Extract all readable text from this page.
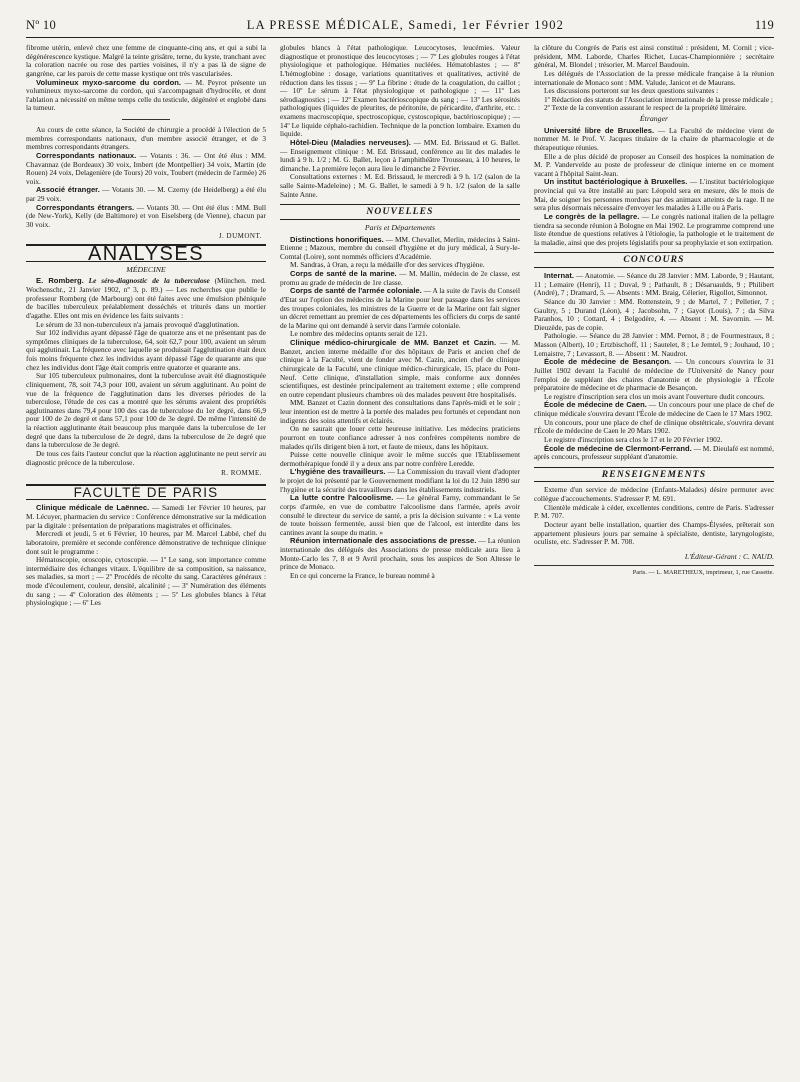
Nº 10	LA PRESSE MÉDICALE, Samedi, 1er Février 1902	119

fibrome utérin, enlevé chez une femme de cinquante-cinq ans, et qui a subi la dégénérescence kystique. Malgré la teinte grisâtre, terne, du kyste, tranchant avec la coloration nacrée ou rose des parties voisines, il n'y a pas là de signe de gangrène, car les parois de cette masse kystique ont très vascularisées.

Volumineux myxo-sarcome du cordon. — M. Peyrot présente un volumineux myxo-sarcome du cordon, qui s'accompagnait d'hydrocèle, et dont l'ablation a nécessité en même temps celle du testicule, dégénéré et englobé dans la tumeur.

Au cours de cette séance, la Société de chirurgie a procédé à l'élection de 5 membres correspondants nationaux, d'un membre associé étranger, et de 3 membres correspondants étrangers.

Correspondants nationaux. — Votants : 36. — Ont été élus : MM. Chavannaz (de Bordeaux) 30 voix, Imbert (de Montpellier) 34 voix, Martin (de Rouen) 24 voix, Delagenière (de Tours) 20 voix, Toubert (médecin de l'armée) 26 voix.

Associé étranger. — Votants 30. — M. Czerny (de Heidelberg) a été élu par 29 voix.

Correspondants étrangers. — Votants 30. — Ont été élus : MM. Bull (de New-York), Kelly (de Baltimore) et von Eiselsberg (de Vienne), chacun par 30 voix.

J. DUMONT.
ANALYSES
MÉDECINE

E. Romberg. Le séro-diagnostic de la tuberculose (München. med. Wochenschr., 21 Janvier 1902, nº 3, p. 89.) — Les recherches que publie le professeur Romberg (de Marbourg) ont été faites avec une émulsion phéniquée de bacilles tuberculeux préalablement desséchés et triturés dans un mortier d'agathe. Elles ont mis en évidence les faits suivants :

Le sérum de 33 non-tuberculeux n'a jamais provoqué d'agglutination.

Sur 102 individus ayant dépassé l'âge de quatorze ans et ne présentant pas de symptômes cliniques de la tuberculose, 64, soit 62,7 pour 100, avaient un sérum qui agglutinait. La fréquence avec laquelle se produisait l'agglutination était deux fois moins fréquente chez les individus ayant dépassé l'âge de quarante ans que chez les individus dont l'âge était compris entre quatorze et quarante ans.

Sur 105 tuberculeux pulmonaires, dont la tuberculose avait été diagnostiquée cliniquement, 78, soit 74,3 pour 100, avaient un sérum agglutinant. Au point de vue de la fréquence de l'agglutination dans les diverses périodes de la tuberculose, l'étude de ces cas a montré que les sérums avaient des propriétés agglutinantes dans 79,4 pour 100 des cas de tuberculose du 1er degré, dans 66,9 pour 100 de 2e degré et dans 57,1 pour 100 de 3e degré. De même l'intensité de la réaction agglutinante était beaucoup plus marquée dans la tuberculose de 1er degré que dans la tuberculose de 2e degré, dans la tuberculose de 2e degré que dans la tuberculose de 3e degré.

De tous ces faits l'auteur conclut que la réaction agglutinante ne peut servir au diagnostic précoce de la tuberculose.

R. ROMME.
FACULTÉ DE PARIS

Clinique médicale de Laënnec. — Samedi 1er Février 10 heures, par M. Lécuyer, pharmacien du service : Conférence démonstrative sur la médication par la digitale : présentation de préparations magistrales et officinales.

Mercredi et jeudi, 5 et 6 Février, 10 heures, par M. Marcel Labbé, chef du laboratoire, première et seconde conférence démonstrative de technique clinique dont suit le programme :

Hématoscopie, oroscopie, cytoscopie. — 1º Le sang, son importance comme intermédiaire des échanges vitaux. L'équilibre de sa composition, sa naissance, ses maladies, sa mort ; — 2º Procédés de récolte du sang. Caractères généraux : mode d'écoulement, couleur, densité, alcalinité ; — 3º Numération des éléments du sang ; — 4º Coloration des éléments ; — 5º Les globules blancs à l'état physiologique ; — 6º Les

globules blancs à l'état pathologique. Leucocytoses, leucémies. Valeur diagnostique et pronostique des leucocytoses ; — 7º Les globules rouges à l'état physiologique et pathologique. Hématies nucléées. Hématoblastes ; — 8º L'hémoglobine : dosage, variations quantitatives et qualitatives, activité de réduction dans les tissus ; — 9º La fibrine : étude de la coagulation, du caillot ; — 10º Le sérum à l'état physiologique et pathologique ; — 11º Les sérodiagnostics ; — 12º Examen bactérioscopique du sang ; — 13º Les sérosités pathologiques (liquides de pleurites, de péritonite, de péricardite, d'arthrite, etc. : examens macroscopique, spectroscopique, cystoscopique, bactérioscopique) ; — 14º Le liquide céphalo-rachidien. Technique de la ponction lombaire. Examen du liquide.

Hôtel-Dieu (Maladies nerveuses). — MM. Ed. Brissaud et G. Ballet. — Enseignement clinique : M. Ed. Brissaud, conférence au lit des malades le lundi à 9 h. 1/2 ; M. G. Ballet, leçon à l'amphithéâtre Trousseau, à 10 heures, le dimanche. La première leçon aura lieu le dimanche 2 Février.

Consultations externes : M. Ed. Brissaud, le mercredi à 9 h. 1/2 (salon de la salle Sainte-Madeleine) ; M. G. Ballet, le samedi à 9 h. 1/2 (salon de la salle Sainte Anne.

NOUVELLES
Paris et Départements

Distinctions honorifiques. — MM. Chevallet, Merlin, médecins à Saint-Etienne ; Mazoux, membre du conseil d'hygiène et du jury médical, à Sury-le-Comtal (Loire), sont nommés officiers d'Académie.

M. Sandras, à Oran, a reçu la médaille d'or des services d'hygiène.

Corps de santé de la marine. — M. Mallin, médecin de 2e classe, est promu au grade de médecin de 1re classe.

Corps de santé de l'armée coloniale. — A la suite de l'avis du Conseil d'Etat sur l'option des médecins de la Marine pour leur passage dans les services des troupes coloniales, les ministres de la Guerre et de la Marine ont fait signer un décret remettant au premier de ces départements les officiers du corps de santé de la Marine qui ont demandé à servir dans l'armée coloniale.

Le nombre des médecins optants serait de 121.

Clinique médico-chirurgicale de MM. Banzet et Cazin. — M. Banzet, ancien interne médaille d'or des hôpitaux de Paris et ancien chef de clinique à la Faculté, vient de fonder avec M. Cazin, ancien chef de clinique chirurgicale de la Faculté, une clinique médico-chirurgicale, 15, place du Pont-Neuf. Cette clinique, d'installation simple, mais conforme aux données scientifiques, est destinée principalement au traitement externe ; elle comprend en outre cependant plusieurs chambres où des malades peuvent être hospitalisés.

MM. Banzet et Cazin donnent des consultations dans l'après-midi et le soir ; leur intention est de mettre à la portée des malades peu fortunés et cependant non indigents des soins attentifs et éclairés.

On ne saurait que louer cette heureuse initiative. Les médecins praticiens pourront en toute confiance adresser à nos confrères compétents nombre de malades qu'ils dirigent bien à tort, et faute de mieux, dans les hôpitaux.

Puisse cette nouvelle clinique avoir le même succès que l'Etablissement dermothérapique fondé il y a deux ans par notre confrère Leredde.

L'hygiène des travailleurs. — La Commission du travail vient d'adopter le projet de loi présenté par le Gouvernement modifiant la loi du 12 Juin 1890 sur l'hygiène et la sécurité des travailleurs dans les établissements industriels.

La lutte contre l'alcoolisme. — Le général Farny, commandant le 5e corps d'armée, en vue de combattre l'alcoolisme dans l'armée, après avoir consulté le directeur du service de santé, a pris la décision suivante : « La vente de toute boisson fermentée, aussi bien que de l'alcool, est interdite dans les cantines avant la soupe du matin. »

Réunion internationale des associations de presse. — La réunion internationale des délégués des Associations de presse médicale aura lieu à Monte-Carlo les 7, 8 et 9 Avril prochain, sous les auspices de Son Altesse le prince de Monaco.

En ce qui concerne la France, le bureau nommé à

la clôture du Congrès de Paris est ainsi constitué : président, M. Cornil ; vice-président, MM. Laborde, Charles Richet, Lucas-Championnière ; secrétaire général, M. Blondel ; trésorier, M. Marcel Baudouin.

Les délégués de l'Association de la presse médicale française à la réunion internationale de Monaco sont : MM. Valude, Janicot et de Maurans.

Les discussions porteront sur les deux questions suivantes :

1º Rédaction des statuts de l'Association internationale de la presse médicale ;

2º Texte de la convention assurant le respect de la propriété littéraire.

Étranger

Université libre de Bruxelles. — La Faculté de médecine vient de nommer M. le Prof. V. Jacques titulaire de la chaire de pharmacologie et de thérapeutique réunies.

Elle a de plus décidé de proposer au Conseil des hospices la nomination de M. P. Vandervelde au poste de professeur de clinique interne en ce moment vacant à l'hôpital Saint-Jean.

Un institut bactériologique à Bruxelles. — L'institut bactériologique provincial qui va être installé au parc Léopold sera en mesure, dès le mois de Mai, de soigner les personnes mordues par des animaux atteints de la rage. Il ne sera plus désormais nécessaire d'envoyer les malades à Lille ou à Paris.

Le congrès de la pellagre. — Le congrès national italien de la pellagre tiendra sa seconde réunion à Bologne en Mai 1902. Le programme comprend une liste étendue de questions relatives à l'étiologie, la pathologie et le traitement de la maladie, ainsi que des projets législatifs pour sa prophylaxie et son extirpation.

CONCOURS

Internat. — Anatomie. — Séance du 28 Janvier : MM. Laborde, 9 ; Hautant, 11 ; Lemaire (Henri), 11 ; Duval, 9 ; Pathault, 8 ; Désaruaulds, 9 ; Philibert (André), 7 ; Dramard, 5. — Absents : MM. Braig, Célerier, Rigollot, Simonnot.

Séance du 30 Janvier : MM. Rottenstein, 9 ; de Martel, 7 ; Pelletier, 7 ; Gaultry, 5 ; Durand (Léon), 4 ; Jacobsohn, 7 ; Gayot (Louis), 7 ; da Silva Paranhos, 10 ; Cottard, 4 ; Belgodère, 4. — Absent : M. Savornin. — M. Dieuzède, pas de copie.

Pathologie. — Séance du 28 Janvier : MM. Pernot, 8 ; de Fourmestraux, 8 ; Masson (Albert), 10 ; Ertzbischoff, 11 ; Sautelet, 8 ; Le Jemtel, 9 ; Jouhaud, 10 ; Lemaistre, 7 ; Levassort, 8. — Absent : M. Naudrot.

École de médecine de Besançon. — Un concours s'ouvrira le 31 Juillet 1902 devant la Faculté de médecine de l'Université de Nancy pour l'emploi de suppléant des chaires d'anatomie et de physiologie à l'École préparatoire de médecine et de pharmacie de Besançon.

Le registre d'inscription sera clos un mois avant l'ouverture dudit concours.

École de médecine de Caen. — Un concours pour une place de chef de clinique médicale s'ouvrira devant l'École de médecine de Caen le 17 Mars 1902.

Un concours, pour une place de chef de clinique obstétricale, s'ouvrira devant l'École de médecine de Caen le 20 Mars 1902.

Le registre d'inscription sera clos le 17 et le 20 Février 1902.

École de médecine de Clermont-Ferrand. — M. Dieulafé est nommé, après concours, professeur suppléant d'anatomie.

RENSEIGNEMENTS

Externe d'un service de médecine (Enfants-Malades) désire permuter avec collègue d'accouchements. S'adresser P. M. 691.

Clientèle médicale à céder, excellentes conditions, centre de Paris. S'adresser P. M. 707.

Docteur ayant belle installation, quartier des Champs-Élysées, prêterait son appartement plusieurs jours par semaine à spécialiste, dentiste, laryngologiste, oculiste, etc. S'adresser P. M. 708.

L'Éditeur-Gérant : C. NAUD.
Paris. — L. MARETHEUX, imprimeur, 1, rue Cassette.
